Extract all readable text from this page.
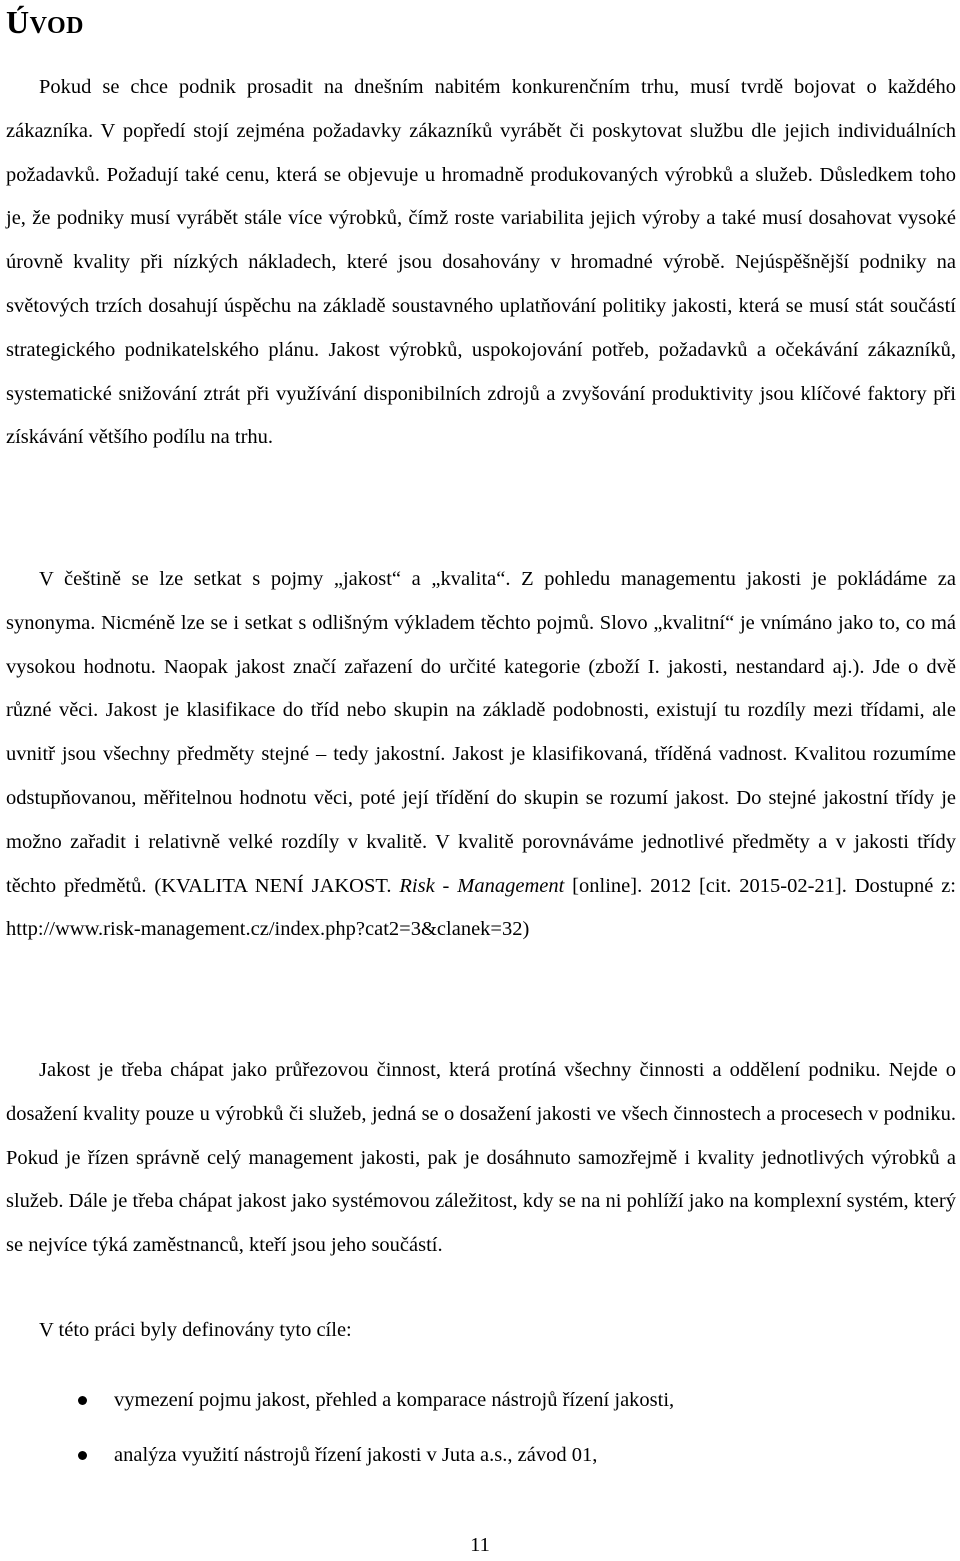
ÚVOD

Pokud se chce podnik prosadit na dnešním nabitém konkurenčním trhu, musí tvrdě bojovat o každého zákazníka. V popředí stojí zejména požadavky zákazníků vyrábět či poskytovat službu dle jejich individuálních požadavků. Požadují také cenu, která se objevuje u hromadně produkovaných výrobků a služeb. Důsledkem toho je, že podniky musí vyrábět stále více výrobků, čímž roste variabilita jejich výroby a také musí dosahovat vysoké úrovně kvality při nízkých nákladech, které jsou dosahovány v hromadné výrobě. Nejúspěšnější podniky na světových trzích dosahují úspěchu na základě soustavného uplatňování politiky jakosti, která se musí stát součástí strategického podnikatelského plánu. Jakost výrobků, uspokojování potřeb, požadavků a očekávání zákazníků, systematické snižování ztrát při využívání disponibilních zdrojů a zvyšování produktivity jsou klíčové faktory při získávání většího podílu na trhu.

V češtině se lze setkat s pojmy „jakost“ a „kvalita“. Z pohledu managementu jakosti je pokládáme za synonyma. Nicméně lze se i setkat s odlišným výkladem těchto pojmů. Slovo „kvalitní“ je vnímáno jako to, co má vysokou hodnotu. Naopak jakost značí zařazení do určité kategorie (zboží I. jakosti, nestandard aj.). Jde o dvě různé věci. Jakost je klasifikace do tříd nebo skupin na základě podobnosti, existují tu rozdíly mezi třídami, ale uvnitř jsou všechny předměty stejné – tedy jakostní. Jakost je klasifikovaná, tříděná vadnost. Kvalitou rozumíme odstupňovanou, měřitelnou hodnotu věci, poté její třídění do skupin se rozumí jakost. Do stejné jakostní třídy je možno zařadit i relativně velké rozdíly v kvalitě. V kvalitě porovnáváme jednotlivé předměty a v jakosti třídy těchto předmětů. (KVALITA NENÍ JAKOST. Risk - Management [online]. 2012 [cit. 2015-02-21]. Dostupné z: http://www.risk-management.cz/index.php?cat2=3&clanek=32)

Jakost je třeba chápat jako průřezovou činnost, která protíná všechny činnosti a oddělení podniku. Nejde o dosažení kvality pouze u výrobků či služeb, jedná se o dosažení jakosti ve všech činnostech a procesech v podniku. Pokud je řízen správně celý management jakosti, pak je dosáhnuto samozřejmě i kvality jednotlivých výrobků a služeb. Dále je třeba chápat jakost jako systémovou záležitost, kdy se na ni pohlíží jako na komplexní systém, který se nejvíce týká zaměstnanců, kteří jsou jeho součástí.

V této práci byly definovány tyto cíle:

vymezení pojmu jakost, přehled a komparace nástrojů řízení jakosti,
analýza využití nástrojů řízení jakosti v Juta a.s., závod 01,
11
